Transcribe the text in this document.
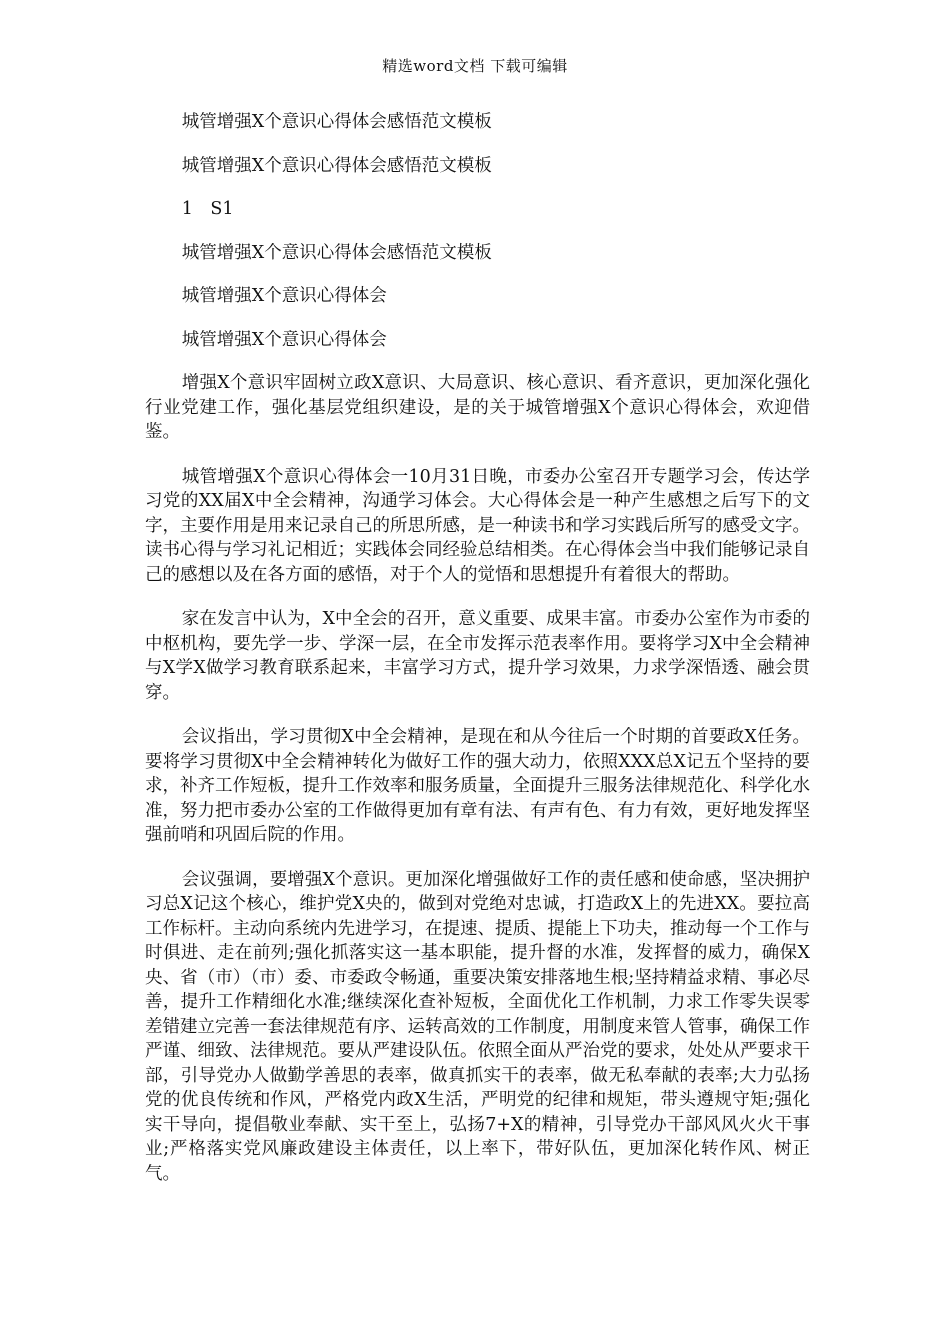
精选word文档 下载可编辑

城管增强X个意识心得体会感悟范文模板

城管增强X个意识心得体会感悟范文模板

1　S1

城管增强X个意识心得体会感悟范文模板

城管增强X个意识心得体会

城管增强X个意识心得体会

增强X个意识牢固树立政X意识、大局意识、核心意识、看齐意识，更加深化强化行业党建工作，强化基层党组织建设，是的关于城管增强X个意识心得体会，欢迎借鉴。

城管增强X个意识心得体会一10月31日晚，市委办公室召开专题学习会，传达学习党的XX届X中全会精神，沟通学习体会。大心得体会是一种产生感想之后写下的文字，主要作用是用来记录自己的所思所感，是一种读书和学习实践后所写的感受文字。读书心得与学习礼记相近；实践体会同经验总结相类。在心得体会当中我们能够记录自己的感想以及在各方面的感悟，对于个人的觉悟和思想提升有着很大的帮助。

家在发言中认为，X中全会的召开，意义重要、成果丰富。市委办公室作为市委的中枢机构，要先学一步、学深一层，在全市发挥示范表率作用。要将学习X中全会精神与X学X做学习教育联系起来，丰富学习方式，提升学习效果，力求学深悟透、融会贯穿。

会议指出，学习贯彻X中全会精神，是现在和从今往后一个时期的首要政X任务。要将学习贯彻X中全会精神转化为做好工作的强大动力，依照XXX总X记五个坚持的要求，补齐工作短板，提升工作效率和服务质量，全面提升三服务法律规范化、科学化水准，努力把市委办公室的工作做得更加有章有法、有声有色、有力有效，更好地发挥坚强前哨和巩固后院的作用。

会议强调，要增强X个意识。更加深化增强做好工作的责任感和使命感，坚决拥护习总X记这个核心，维护党X央的，做到对党绝对忠诚，打造政X上的先进XX。要拉高工作标杆。主动向系统内先进学习，在提速、提质、提能上下功夫，推动每一个工作与时俱进、走在前列;强化抓落实这一基本职能，提升督的水准，发挥督的威力，确保X央、省（市）（市）委、市委政令畅通，重要决策安排落地生根;坚持精益求精、事必尽善，提升工作精细化水准;继续深化查补短板，全面优化工作机制，力求工作零失误零差错建立完善一套法律规范有序、运转高效的工作制度，用制度来管人管事，确保工作严谨、细致、法律规范。要从严建设队伍。依照全面从严治党的要求，处处从严要求干部，引导党办人做勤学善思的表率，做真抓实干的表率，做无私奉献的表率;大力弘扬党的优良传统和作风，严格党内政X生活，严明党的纪律和规矩，带头遵规守矩;强化实干导向，提倡敬业奉献、实干至上，弘扬7+X的精神，引导党办干部风风火火干事业;严格落实党风廉政建设主体责任，以上率下，带好队伍，更加深化转作风、树正气。
